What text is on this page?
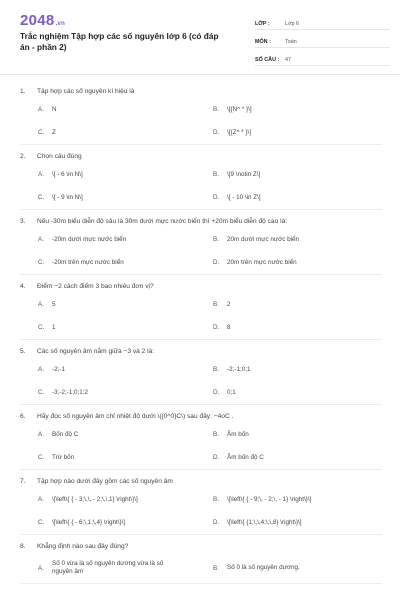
2048.vn
Trắc nghiệm Tập hợp các số nguyên lớp 6 (có đáp án - phần 2)
LỚP :	Lớp 6
MÔN :	Toán
SỐ CÂU :	47
1. Tập hợp các số nguyên kí hiệu là
A.	N	B.	\[{N^ * }\]
C.	Z	D.	\[{Z^ * }\]
2. Chọn câu đúng
A.	\[ - 6 \in N\]	B.	\[9 \notin Z\]
C.	\[ - 9 \in N\]	D.	\[ - 10 \in Z\]
3. Nếu -30m biểu diễn độ sâu là 30m dưới mực nước biển thì +20m biểu diễn độ cao là:
A.	-20m dưới mực nước biển	B.	20m dưới mực nước biển
C.	-20m trên mực nước biển	D.	20m trên mực nước biển
4. Điểm −2 cách điểm 3 bao nhiêu đơn vị?
A.	5	B.	2
C.	1	D.	8
5. Các số nguyên âm nằm giữa −3 và 2 là:
A.	-2;-1	B.	-2;-1;0;1
C.	-3;-2;-1;0;1;2	D.	0;1
6. Hãy đọc số nguyên âm chỉ nhiệt độ dưới \({0^0}C\) sau đây: −4oC .
A.	Bốn độ C	B.	Âm bốn
C.	Trừ bốn	D.	Âm bốn độ C
7. Tập hợp nào dưới đây gồm các số nguyên âm
A.	\[\left\{ { - 3;\,\, - 2;\,\,1} \right\}\]	B.	\[\left\{ { - 9;\, - 2;\, - 1} \right\}\]
C.	\[\left\{ { - 6;\,1;\,4} \right\}\]	D.	\[\left\{ {1;\,\,4;\,\,8} \right\}\]
8. Khẳng định nào sau đây đúng?
A.
Số 0 vừa là số nguyên dương vừa là số nguyên âm	B.	Số 0 là số nguyên dương.
